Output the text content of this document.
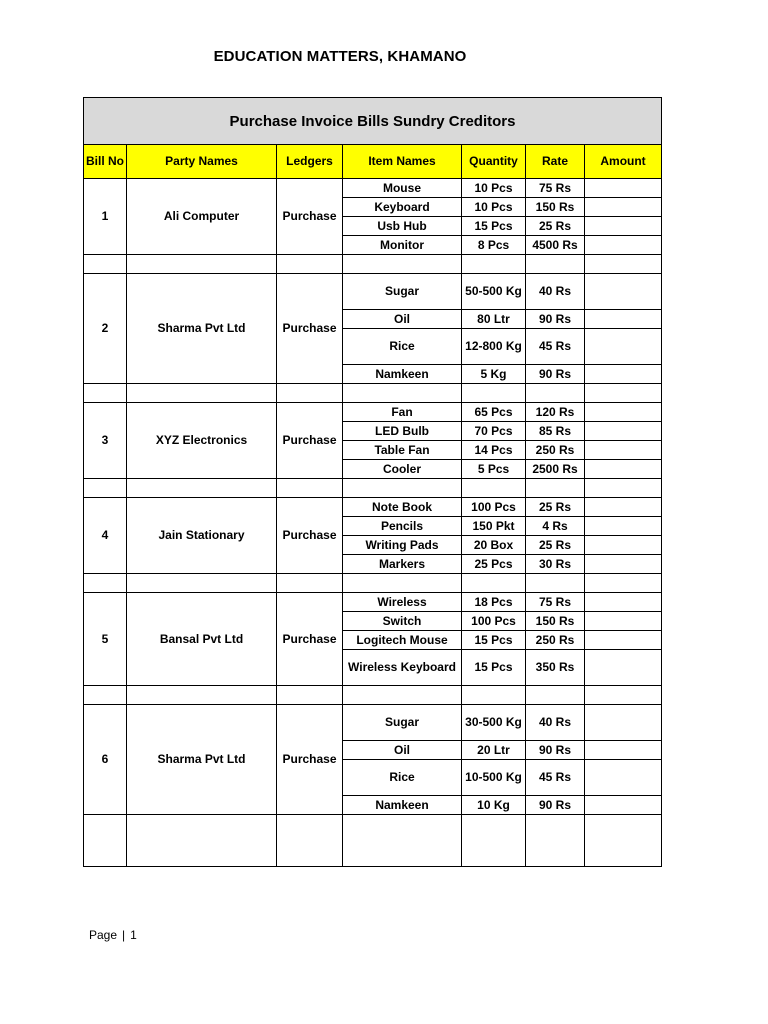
EDUCATION MATTERS, KHAMANO
Purchase Invoice Bills Sundry Creditors						
Bill No	Party Names	Ledgers	Item Names	Quantity	Rate	Amount
1	Ali Computer	Purchase	Mouse	10 Pcs	75 Rs	
			Keyboard	10 Pcs	150 Rs	
			Usb Hub	15 Pcs	25 Rs	
			Monitor	8 Pcs	4500 Rs	

2	Sharma Pvt Ltd	Purchase	Sugar	50-500 Kg	40 Rs	
			Oil	80 Ltr	90 Rs	
			Rice	12-800 Kg	45 Rs	
			Namkeen	5 Kg	90 Rs	

3	XYZ Electronics	Purchase	Fan	65 Pcs	120 Rs	
			LED Bulb	70 Pcs	85 Rs	
			Table Fan	14 Pcs	250 Rs	
			Cooler	5 Pcs	2500 Rs	

4	Jain Stationary	Purchase	Note Book	100 Pcs	25 Rs	
			Pencils	150 Pkt	4 Rs	
			Writing Pads	20 Box	25 Rs	
			Markers	25 Pcs	30 Rs	

5	Bansal Pvt Ltd	Purchase	Wireless	18 Pcs	75 Rs	
			Switch	100 Pcs	150 Rs	
			Logitech Mouse	15 Pcs	250 Rs	
			Wireless Keyboard	15 Pcs	350 Rs	

6	Sharma Pvt Ltd	Purchase	Sugar	30-500 Kg	40 Rs	
			Oil	20 Ltr	90 Rs	
			Rice	10-500 Kg	45 Rs	
			Namkeen	10 Kg	90 Rs	

Page | 1
